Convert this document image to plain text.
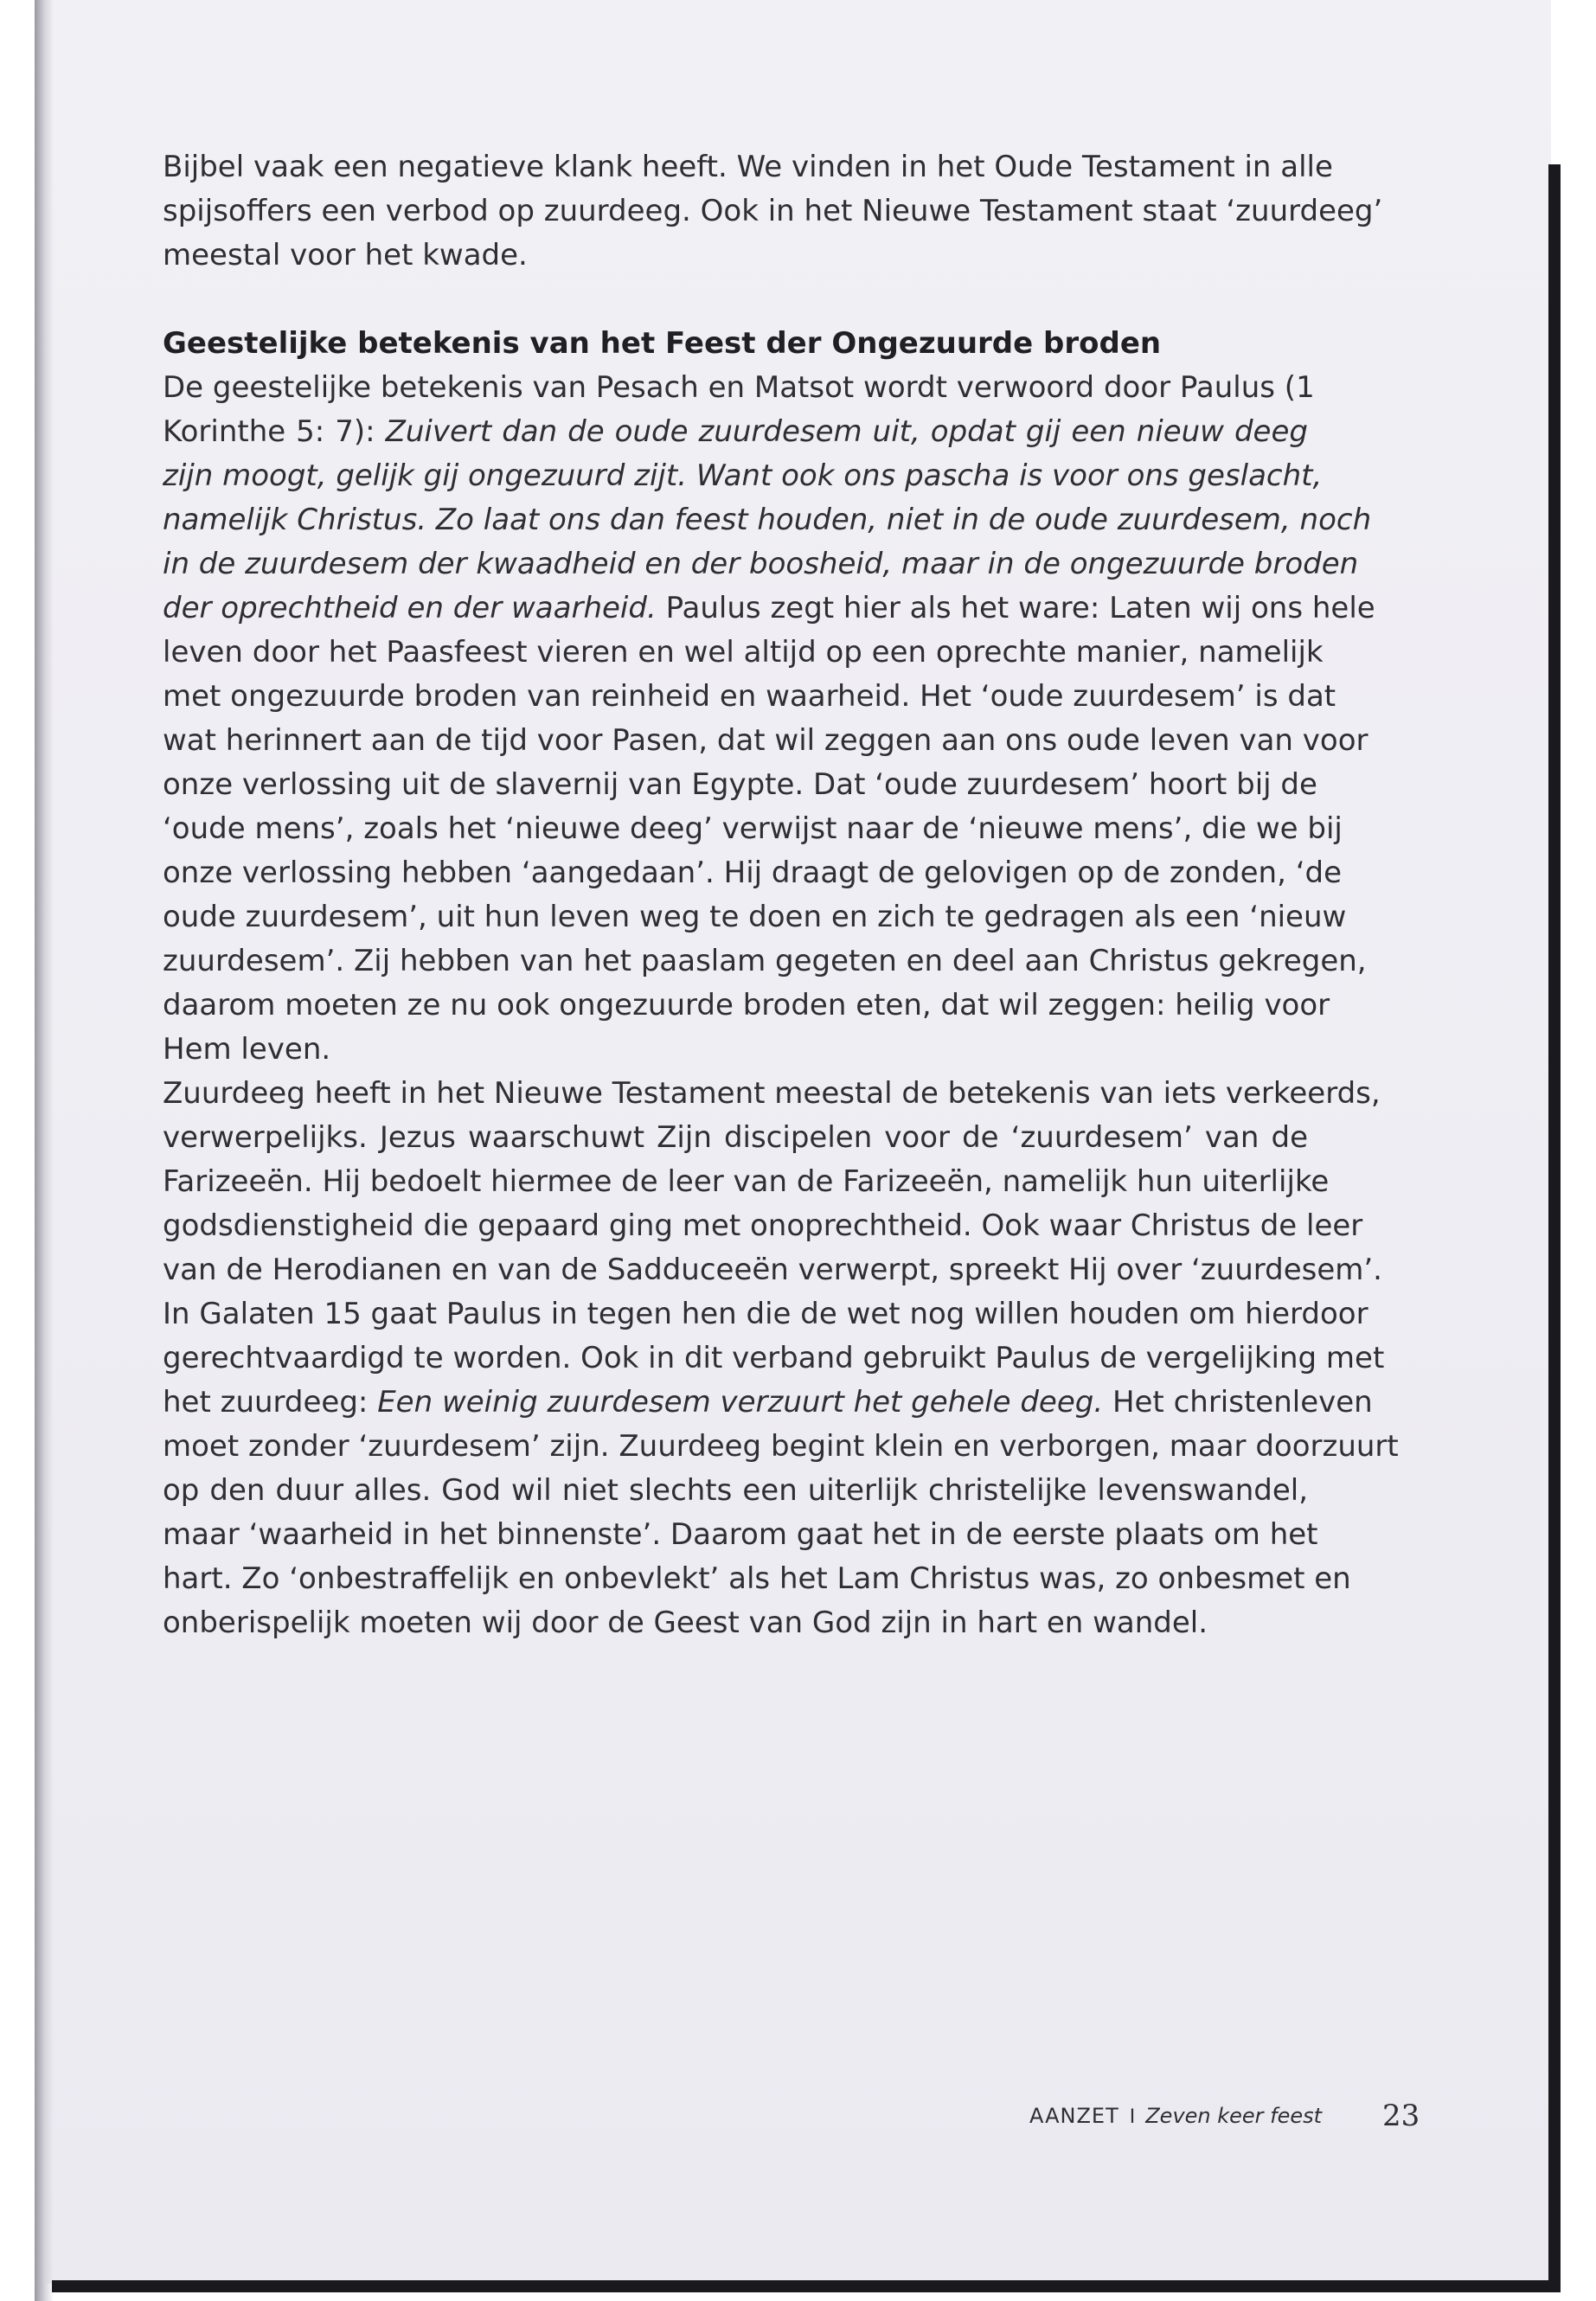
Bijbel vaak een negatieve klank heeft. We vinden in het Oude Testament in alle
spijsoffers een verbod op zuurdeeg. Ook in het Nieuwe Testament staat ‘zuurdeeg’
meestal voor het kwade.

Geestelijke betekenis van het Feest der Ongezuurde broden

De geestelijke betekenis van Pesach en Matsot wordt verwoord door Paulus (1
Korinthe 5: 7): Zuivert dan de oude zuurdesem uit, opdat gij een nieuw deeg
zijn moogt, gelijk gij ongezuurd zijt. Want ook ons pascha is voor ons geslacht,
namelijk Christus. Zo laat ons dan feest houden, niet in de oude zuurdesem, noch
in de zuurdesem der kwaadheid en der boosheid, maar in de ongezuurde broden
der oprechtheid en der waarheid. Paulus zegt hier als het ware: Laten wij ons hele
leven door het Paasfeest vieren en wel altijd op een oprechte manier, namelijk
met ongezuurde broden van reinheid en waarheid. Het ‘oude zuurdesem’ is dat
wat herinnert aan de tijd voor Pasen, dat wil zeggen aan ons oude leven van voor
onze verlossing uit de slavernij van Egypte. Dat ‘oude zuurdesem’ hoort bij de
‘oude mens’, zoals het ‘nieuwe deeg’ verwijst naar de ‘nieuwe mens’, die we bij
onze verlossing hebben ‘aangedaan’. Hij draagt de gelovigen op de zonden, ‘de
oude zuurdesem’, uit hun leven weg te doen en zich te gedragen als een ‘nieuw
zuurdesem’. Zij hebben van het paaslam gegeten en deel aan Christus gekregen,
daarom moeten ze nu ook ongezuurde broden eten, dat wil zeggen: heilig voor
Hem leven.

Zuurdeeg heeft in het Nieuwe Testament meestal de betekenis van iets verkeerds,
verwerpelijks. Jezus waarschuwt Zijn discipelen voor de ‘zuurdesem’ van de
Farizeeën. Hij bedoelt hiermee de leer van de Farizeeën, namelijk hun uiterlijke
godsdienstigheid die gepaard ging met onoprechtheid. Ook waar Christus de leer
van de Herodianen en van de Sadduceeën verwerpt, spreekt Hij over ‘zuurdesem’.
In Galaten 15 gaat Paulus in tegen hen die de wet nog willen houden om hierdoor
gerechtvaardigd te worden. Ook in dit verband gebruikt Paulus de vergelijking met
het zuurdeeg: Een weinig zuurdesem verzuurt het gehele deeg. Het christenleven
moet zonder ‘zuurdesem’ zijn. Zuurdeeg begint klein en verborgen, maar doorzuurt
op den duur alles. God wil niet slechts een uiterlijk christelijke levenswandel,
maar ‘waarheid in het binnenste’. Daarom gaat het in de eerste plaats om het
hart. Zo ‘onbestraffelijk en onbevlekt’ als het Lam Christus was, zo onbesmet en
onberispelijk moeten wij door de Geest van God zijn in hart en wandel.

AANZET I Zeven keer feest 23
